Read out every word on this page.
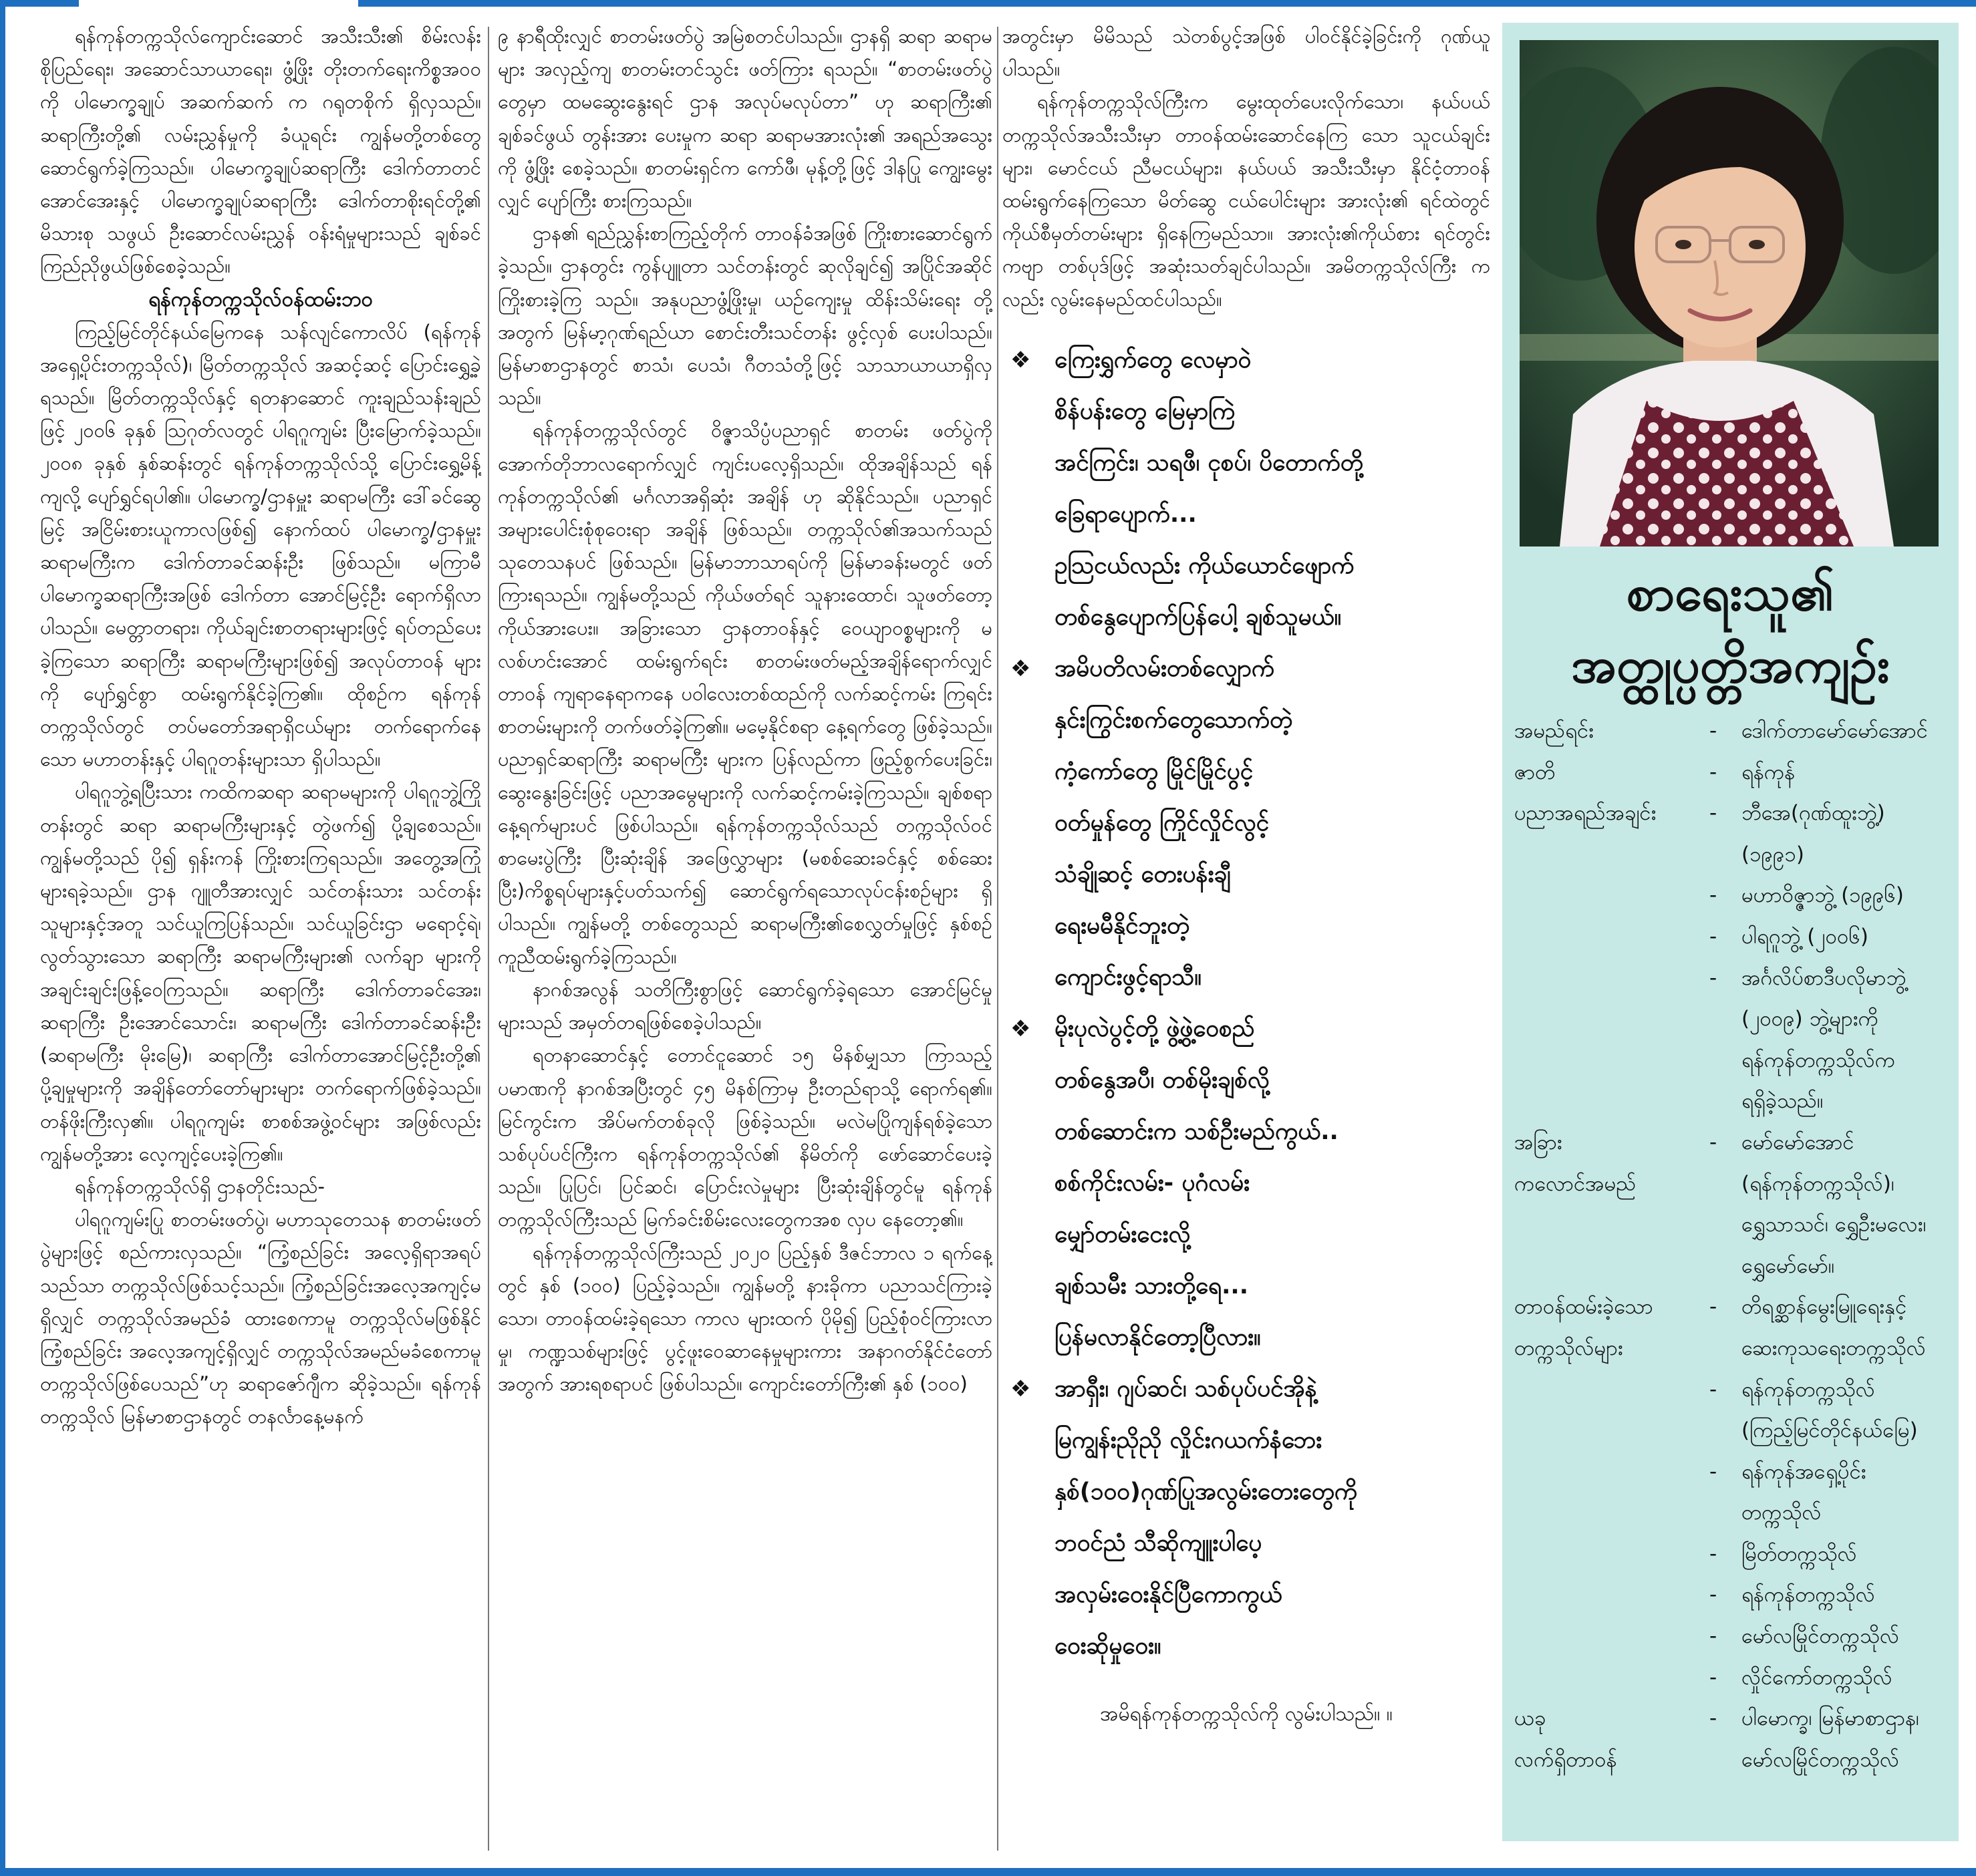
ရန်ကုန်တက္ကသိုလ်ကျောင်းဆောင် အသီးသီး၏ စိမ်းလန်းစိုပြည်ရေး၊ အဆောင်သာယာရေး၊ ဖွံ့ဖြိုး တိုးတက်ရေးကိစ္စအဝဝကို ပါမောက္ခချုပ် အဆက်ဆက် က ဂရုတစိုက် ရှိလှသည်။ ဆရာကြီးတို့၏ လမ်းညွှန်မှုကို ခံယူရင်း ကျွန်မတို့တစ်တွေ ဆောင်ရွက်ခဲ့ကြသည်။ ပါမောက္ခချုပ်ဆရာကြီး ဒေါက်တာတင်အောင်အေးနှင့် ပါမောက္ခချုပ်ဆရာကြီး ဒေါက်တာစိုးရင်တို့၏ မိသားစု သဖွယ် ဦးဆောင်လမ်းညွှန် ဝန်းရံမှုများသည် ချစ်ခင် ကြည်ညိုဖွယ်ဖြစ်စေခဲ့သည်။

ရန်ကုန်တက္ကသိုလ်ဝန်ထမ်းဘဝ

ကြည့်မြင်တိုင်နယ်မြေကနေ သန်လျင်ကောလိပ် (ရန်ကုန်အရှေ့ပိုင်းတက္ကသိုလ်)၊ မြိတ်တက္ကသိုလ် အဆင့်ဆင့် ပြောင်းရွှေ့ခဲ့ရသည်။ မြိတ်တက္ကသိုလ်နှင့် ရတနာဆောင် ကူးချည်သန်းချည်ဖြင့် ၂၀၀၆ ခုနှစ် ဩဂုတ်လတွင် ပါရဂူကျမ်း ပြီးမြောက်ခဲ့သည်။ ၂၀၀၈ ခုနှစ် နှစ်ဆန်းတွင် ရန်ကုန်တက္ကသိုလ်သို့ ပြောင်းရွှေ့မိန့် ကျလို့ ပျော်ရွှင်ရပါ၏။ ပါမောက္ခ/ဌာနမှူး ဆရာမကြီး ဒေါ်ခင်ဆွေမြင့် အငြိမ်းစားယူကာလဖြစ်၍ နောက်ထပ် ပါမောက္ခ/ဌာနမှူး ဆရာမကြီးက ဒေါက်တာခင်ဆန်းဦး ဖြစ်သည်။ မကြာမီ ပါမောက္ခဆရာကြီးအဖြစ် ဒေါက်တာ အောင်မြင့်ဦး ရောက်ရှိလာပါသည်။ မေတ္တာတရား၊ ကိုယ်ချင်းစာတရားများဖြင့် ရပ်တည်ပေးခဲ့ကြသော ဆရာကြီး ဆရာမကြီးများဖြစ်၍ အလုပ်တာဝန် များကို ပျော်ရွှင်စွာ ထမ်းရွက်နိုင်ခဲ့ကြ၏။ ထိုစဉ်က ရန်ကုန်တက္ကသိုလ်တွင် တပ်မတော်အရာရှိငယ်များ တက်ရောက်နေသော မဟာတန်းနှင့် ပါရဂူတန်းများသာ ရှိပါသည်။

ပါရဂူဘွဲ့ရပြီးသား ကထိကဆရာ ဆရာမများကို ပါရဂူဘွဲ့ကြိုတန်းတွင် ဆရာ ဆရာမကြီးများနှင့် တွဲဖက်၍ ပို့ချစေသည်။ ကျွန်မတို့သည် ပို၍ ရှန်းကန် ကြိုးစားကြရသည်။ အတွေ့အကြုံများရခဲ့သည်။ ဌာန ဂျူတီအားလျှင် သင်တန်းသား သင်တန်းသူများနှင့်အတူ သင်ယူကြပြန်သည်။ သင်ယူခြင်းဌာ မရောင့်ရဲ၊ လွတ်သွားသော ဆရာကြီး ဆရာမကြီးများ၏ လက်ချာ များကို အချင်းချင်းဖြန့်ဝေကြသည်။ ဆရာကြီး ဒေါက်တာခင်အေး၊ ဆရာကြီး ဦးအောင်သောင်း၊ ဆရာမကြီး ဒေါက်တာခင်ဆန်းဦး (ဆရာမကြီး မိုးမြေ)၊ ဆရာကြီး ဒေါက်တာအောင်မြင့်ဦးတို့၏ ပို့ချမှုများကို အချိန်တော်တော်များများ တက်ရောက်ဖြစ်ခဲ့သည်။ တန်ဖိုးကြီးလှ၏။ ပါရဂူကျမ်း စာစစ်အဖွဲ့ဝင်များ အဖြစ်လည်း ကျွန်မတို့အား လေ့ကျင့်ပေးခဲ့ကြ၏။

ရန်ကုန်တက္ကသိုလ်ရှိ ဌာနတိုင်းသည်-

ပါရဂူကျမ်းပြု စာတမ်းဖတ်ပွဲ၊ မဟာသုတေသန စာတမ်းဖတ်ပွဲများဖြင့် စည်ကားလှသည်။ “ကြံ့စည်ခြင်း အလေ့ရှိရာအရပ်သည်သာ တက္ကသိုလ်ဖြစ်သင့်သည်။ ကြံ့စည်ခြင်းအလေ့အကျင့်မရှိလျှင် တက္ကသိုလ်အမည်ခံ ထားစေကာမူ တက္ကသိုလ်မဖြစ်နိုင် ကြံ့စည်ခြင်း အလေ့အကျင့်ရှိလျှင် တက္ကသိုလ်အမည်မခံစေကာမူ တက္ကသိုလ်ဖြစ်ပေသည်”ဟု ဆရာဇော်ဂျီက ဆိုခဲ့သည်။ ရန်ကုန်တက္ကသိုလ် မြန်မာစာဌာနတွင် တနင်္လာနေ့မနက်

၉ နာရီထိုးလျှင် စာတမ်းဖတ်ပွဲ အမြဲစတင်ပါသည်။ ဌာနရှိ ဆရာ ဆရာမများ အလှည့်ကျ စာတမ်းတင်သွင်း ဖတ်ကြား ရသည်။ “စာတမ်းဖတ်ပွဲတွေမှာ ထမဆွေးနွေးရင် ဌာန အလုပ်မလုပ်တာ” ဟု ဆရာကြီး၏ ချစ်ခင်ဖွယ် တွန်းအား ပေးမှုက ဆရာ ဆရာမအားလုံး၏ အရည်အသွေးကို ဖွံ့ဖြိုး စေခဲ့သည်။ စာတမ်းရှင်က ကော်ဖီ၊ မုန့်တို့ဖြင့် ဒါနပြု ကျွေးမွေးလျှင် ပျော်ကြီး စားကြသည်။

ဌာန၏ ရည်ညွှန်းစာကြည့်တိုက် တာဝန်ခံအဖြစ် ကြိုးစားဆောင်ရွက်ခဲ့သည်။ ဌာနတွင်း ကွန်ပျူတာ သင်တန်းတွင် ဆုလိုချင်၍ အပြိုင်အဆိုင် ကြိုးစားခဲ့ကြ သည်။ အနုပညာဖွံ့ဖြိုးမှု၊ ယဉ်ကျေးမှု ထိန်းသိမ်းရေး တို့အတွက် မြန်မာ့ဂုဏ်ရည်ယာ စောင်းတီးသင်တန်း ဖွင့်လှစ် ပေးပါသည်။ မြန်မာစာဌာနတွင် စာသံ၊ ပေသံ၊ ဂီတသံတို့ဖြင့် သာသာယာယာရှိလှသည်။

ရန်ကုန်တက္ကသိုလ်တွင် ဝိဇ္ဇာသိပ္ပံပညာရှင် စာတမ်း ဖတ်ပွဲကို အောက်တိုဘာလရောက်လျှင် ကျင်းပလေ့ရှိသည်။ ထိုအချိန်သည် ရန်ကုန်တက္ကသိုလ်၏ မင်္ဂလာအရှိဆုံး အချိန် ဟု ဆိုနိုင်သည်။ ပညာရှင်အများပေါင်းစုံစုဝေးရာ အချိန် ဖြစ်သည်။ တက္ကသိုလ်၏အသက်သည် သုတေသနပင် ဖြစ်သည်။ မြန်မာဘာသာရပ်ကို မြန်မာခန်းမတွင် ဖတ်ကြားရသည်။ ကျွန်မတို့သည် ကိုယ်ဖတ်ရင် သူနားထောင်၊ သူဖတ်တော့ ကိုယ်အားပေး။ အခြားသော ဌာနတာဝန်နှင့် ဝေယျာဝစ္စများကို မလစ်ဟင်းအောင် ထမ်းရွက်ရင်း စာတမ်းဖတ်မည့်အချိန်ရောက်လျှင် တာဝန် ကျရာနေရာကနေ ပဝါလေးတစ်ထည်ကို လက်ဆင့်ကမ်း ကြရင်း စာတမ်းများကို တက်ဖတ်ခဲ့ကြ၏။ မမေ့နိုင်စရာ နေ့ရက်တွေ ဖြစ်ခဲ့သည်။ ပညာရှင်ဆရာကြီး ဆရာမကြီး များက ပြန်လည်ကာ ဖြည့်စွက်ပေးခြင်း၊ ဆွေးနွေးခြင်းဖြင့် ပညာအမွေများကို လက်ဆင့်ကမ်းခဲ့ကြသည်။ ချစ်စရာ နေ့ရက်များပင် ဖြစ်ပါသည်။ ရန်ကုန်တက္ကသိုလ်သည် တက္ကသိုလ်ဝင်စာမေးပွဲကြီး ပြီးဆုံးချိန် အဖြေလွှာများ (မစစ်ဆေးခင်နှင့် စစ်ဆေးပြီး)ကိစ္စရပ်များနှင့်ပတ်သက်၍ ဆောင်ရွက်ရသောလုပ်ငန်းစဉ်များ ရှိပါသည်။ ကျွန်မတို့ တစ်တွေသည် ဆရာမကြီး၏စေလွှတ်မှုဖြင့် နှစ်စဉ် ကူညီထမ်းရွက်ခဲ့ကြသည်။

နာဂစ်အလွန် သတိကြီးစွာဖြင့် ဆောင်ရွက်ခဲ့ရသော အောင်မြင်မှုများသည် အမှတ်တရဖြစ်စေခဲ့ပါသည်။

ရတနာဆောင်နှင့် တောင်ငူဆောင် ၁၅ မိနစ်မျှသာ ကြာသည့် ပမာဏကို နာဂစ်အပြီးတွင် ၄၅ မိနစ်ကြာမှ ဦးတည်ရာသို့ ရောက်ရ၏။ မြင်ကွင်းက အိပ်မက်တစ်ခုလို ဖြစ်ခဲ့သည်။ မလဲမပြိုကျန်ရစ်ခဲ့သော သစ်ပုပ်ပင်ကြီးက ရန်ကုန်တက္ကသိုလ်၏ နိမိတ်ကို ဖော်ဆောင်ပေးခဲ့သည်။ ပြုပြင်၊ ပြင်ဆင်၊ ပြောင်းလဲမှုများ ပြီးဆုံးချိန်တွင်မူ ရန်ကုန် တက္ကသိုလ်ကြီးသည် မြက်ခင်းစိမ်းလေးတွေကအစ လှပ နေတော့၏။

ရန်ကုန်တက္ကသိုလ်ကြီးသည် ၂၀၂၀ ပြည့်နှစ် ဒီဇင်ဘာလ ၁ ရက်နေ့တွင် နှစ် (၁၀၀) ပြည့်ခဲ့သည်။ ကျွန်မတို့ နားခိုကာ ပညာသင်ကြားခဲ့သော၊ တာဝန်ထမ်းခဲ့ရသော ကာလ များထက် ပိုမို၍ ပြည့်စုံဝင်ကြားလာမှု၊ ကဏ္ဍသစ်များဖြင့် ပွင့်ဖူးဝေဆာနေမှုများကား အနာဂတ်နိုင်ငံတော်အတွက် အားရစရာပင် ဖြစ်ပါသည်။ ကျောင်းတော်ကြီး၏ နှစ် (၁၀၀)

အတွင်းမှာ မိမိသည် သဲတစ်ပွင့်အဖြစ် ပါဝင်နိုင်ခဲ့ခြင်းကို ဂုဏ်ယူပါသည်။

ရန်ကုန်တက္ကသိုလ်ကြီးက မွေးထုတ်ပေးလိုက်သော၊ နယ်ပယ်တက္ကသိုလ်အသီးသီးမှာ တာဝန်ထမ်းဆောင်နေကြ သော သူငယ်ချင်းများ၊ မောင်ငယ် ညီမငယ်များ၊ နယ်ပယ် အသီးသီးမှာ နိုင်ငံ့တာဝန်ထမ်းရွက်နေကြသော မိတ်ဆွေ ငယ်ပေါင်းများ အားလုံး၏ ရင်ထဲတွင် ကိုယ်စီမှတ်တမ်းများ ရှိနေကြမည်သာ။ အားလုံး၏ကိုယ်စား ရင်တွင်းကဗျာ တစ်ပုဒ်ဖြင့် အဆုံးသတ်ချင်ပါသည်။ အမိတက္ကသိုလ်ကြီး ကလည်း လွမ်းနေမည်ထင်ပါသည်။

❖	ကြေးရွှက်တွေ လေမှာဝဲ
စိန်ပန်းတွေ မြေမှာကြဲ
အင်ကြင်း၊ သရဖီ၊ ငုစပ်၊ ပိတောက်တို့
ခြေရာပျောက်...
ဥဩငယ်လည်း ကိုယ်ယောင်ဖျောက်
တစ်နွေပျောက်ပြန်ပေါ့ ချစ်သူမယ်။
❖	အမိပတိလမ်းတစ်လျှောက်
နှင်းကြွင်းစက်တွေသောက်တဲ့
ကံ့ကော်တွေ မြိုင်မြိုင်ပွင့်
ဝတ်မှုန်တွေ ကြိုင်လှိုင်လွင့်
သံချိုဆင့် တေးပန်းချီ
ရေးမမီနိုင်ဘူးတဲ့
ကျောင်းဖွင့်ရာသီ။
❖	မိုးပုလဲပွင့်တို့ ဖွဲ့ဖွဲ့ဝေစည်
တစ်နွေအပီ၊ တစ်မိုးချစ်လို့
တစ်ဆောင်းက သစ်ဦးမည်ကွယ်..
စစ်ကိုင်းလမ်း- ပုဂံလမ်း
မျှော်တမ်းငေးလို့
ချစ်သမီး သားတို့ရေ...
ပြန်မလာနိုင်တော့ပြီလား။
❖	အာရှီး၊ ဂျပ်ဆင်၊ သစ်ပုပ်ပင်အိုနဲ့
မြကျွန်းညိုညို လှိုင်းဂယက်နံဘေး
နှစ်(၁၀၀)ဂုဏ်ပြုအလွမ်းတေးတွေကို
ဘဝင်ညံ သီဆိုကျူးပါပေ့
အလှမ်းဝေးနိုင်ပြီကောကွယ်
ဝေးဆိုမှုဝေး။
အမိရန်ကုန်တက္ကသိုလ်ကို လွမ်းပါသည်။ ။
စာရေးသူ၏
အတ္ထုပ္ပတ္တိအကျဉ်း
အမည်ရင်း	-	ဒေါက်တာမော်မော်အောင်
ဇာတိ	-	ရန်ကုန်
ပညာအရည်အချင်း	-	ဘီအေ(ဂုဏ်ထူးဘွဲ့)
(၁၉၉၁)
-	မဟာဝိဇ္ဇာဘွဲ့ (၁၉၉၆)
-	ပါရဂူဘွဲ့ (၂၀၀၆)
-	အင်္ဂလိပ်စာဒီပလိုမာဘွဲ့
(၂၀၀၉) ဘွဲ့များကို
ရန်ကုန်တက္ကသိုလ်က
ရရှိခဲ့သည်။
အခြား	-	မော်မော်အောင်
ကလောင်အမည်	(ရန်ကုန်တက္ကသိုလ်)၊
ရွှေသာသင်၊ ရွှေဦးမလေး၊
ရွှေမော်မော်။
တာဝန်ထမ်းခဲ့သော	-	တိရစ္ဆာန်မွေးမြူရေးနှင့်
တက္ကသိုလ်များ	ဆေးကုသရေးတက္ကသိုလ်
-	ရန်ကုန်တက္ကသိုလ်
(ကြည့်မြင်တိုင်နယ်မြေ)
-	ရန်ကုန်အရှေ့ပိုင်း
တက္ကသိုလ်
-	မြိတ်တက္ကသိုလ်
-	ရန်ကုန်တက္ကသိုလ်
-	မော်လမြိုင်တက္ကသိုလ်
-	လှိုင်ကော်တက္ကသိုလ်
ယခု	-	ပါမောက္ခ၊ မြန်မာစာဌာန၊
လက်ရှိတာဝန်	မော်လမြိုင်တက္ကသိုလ်
